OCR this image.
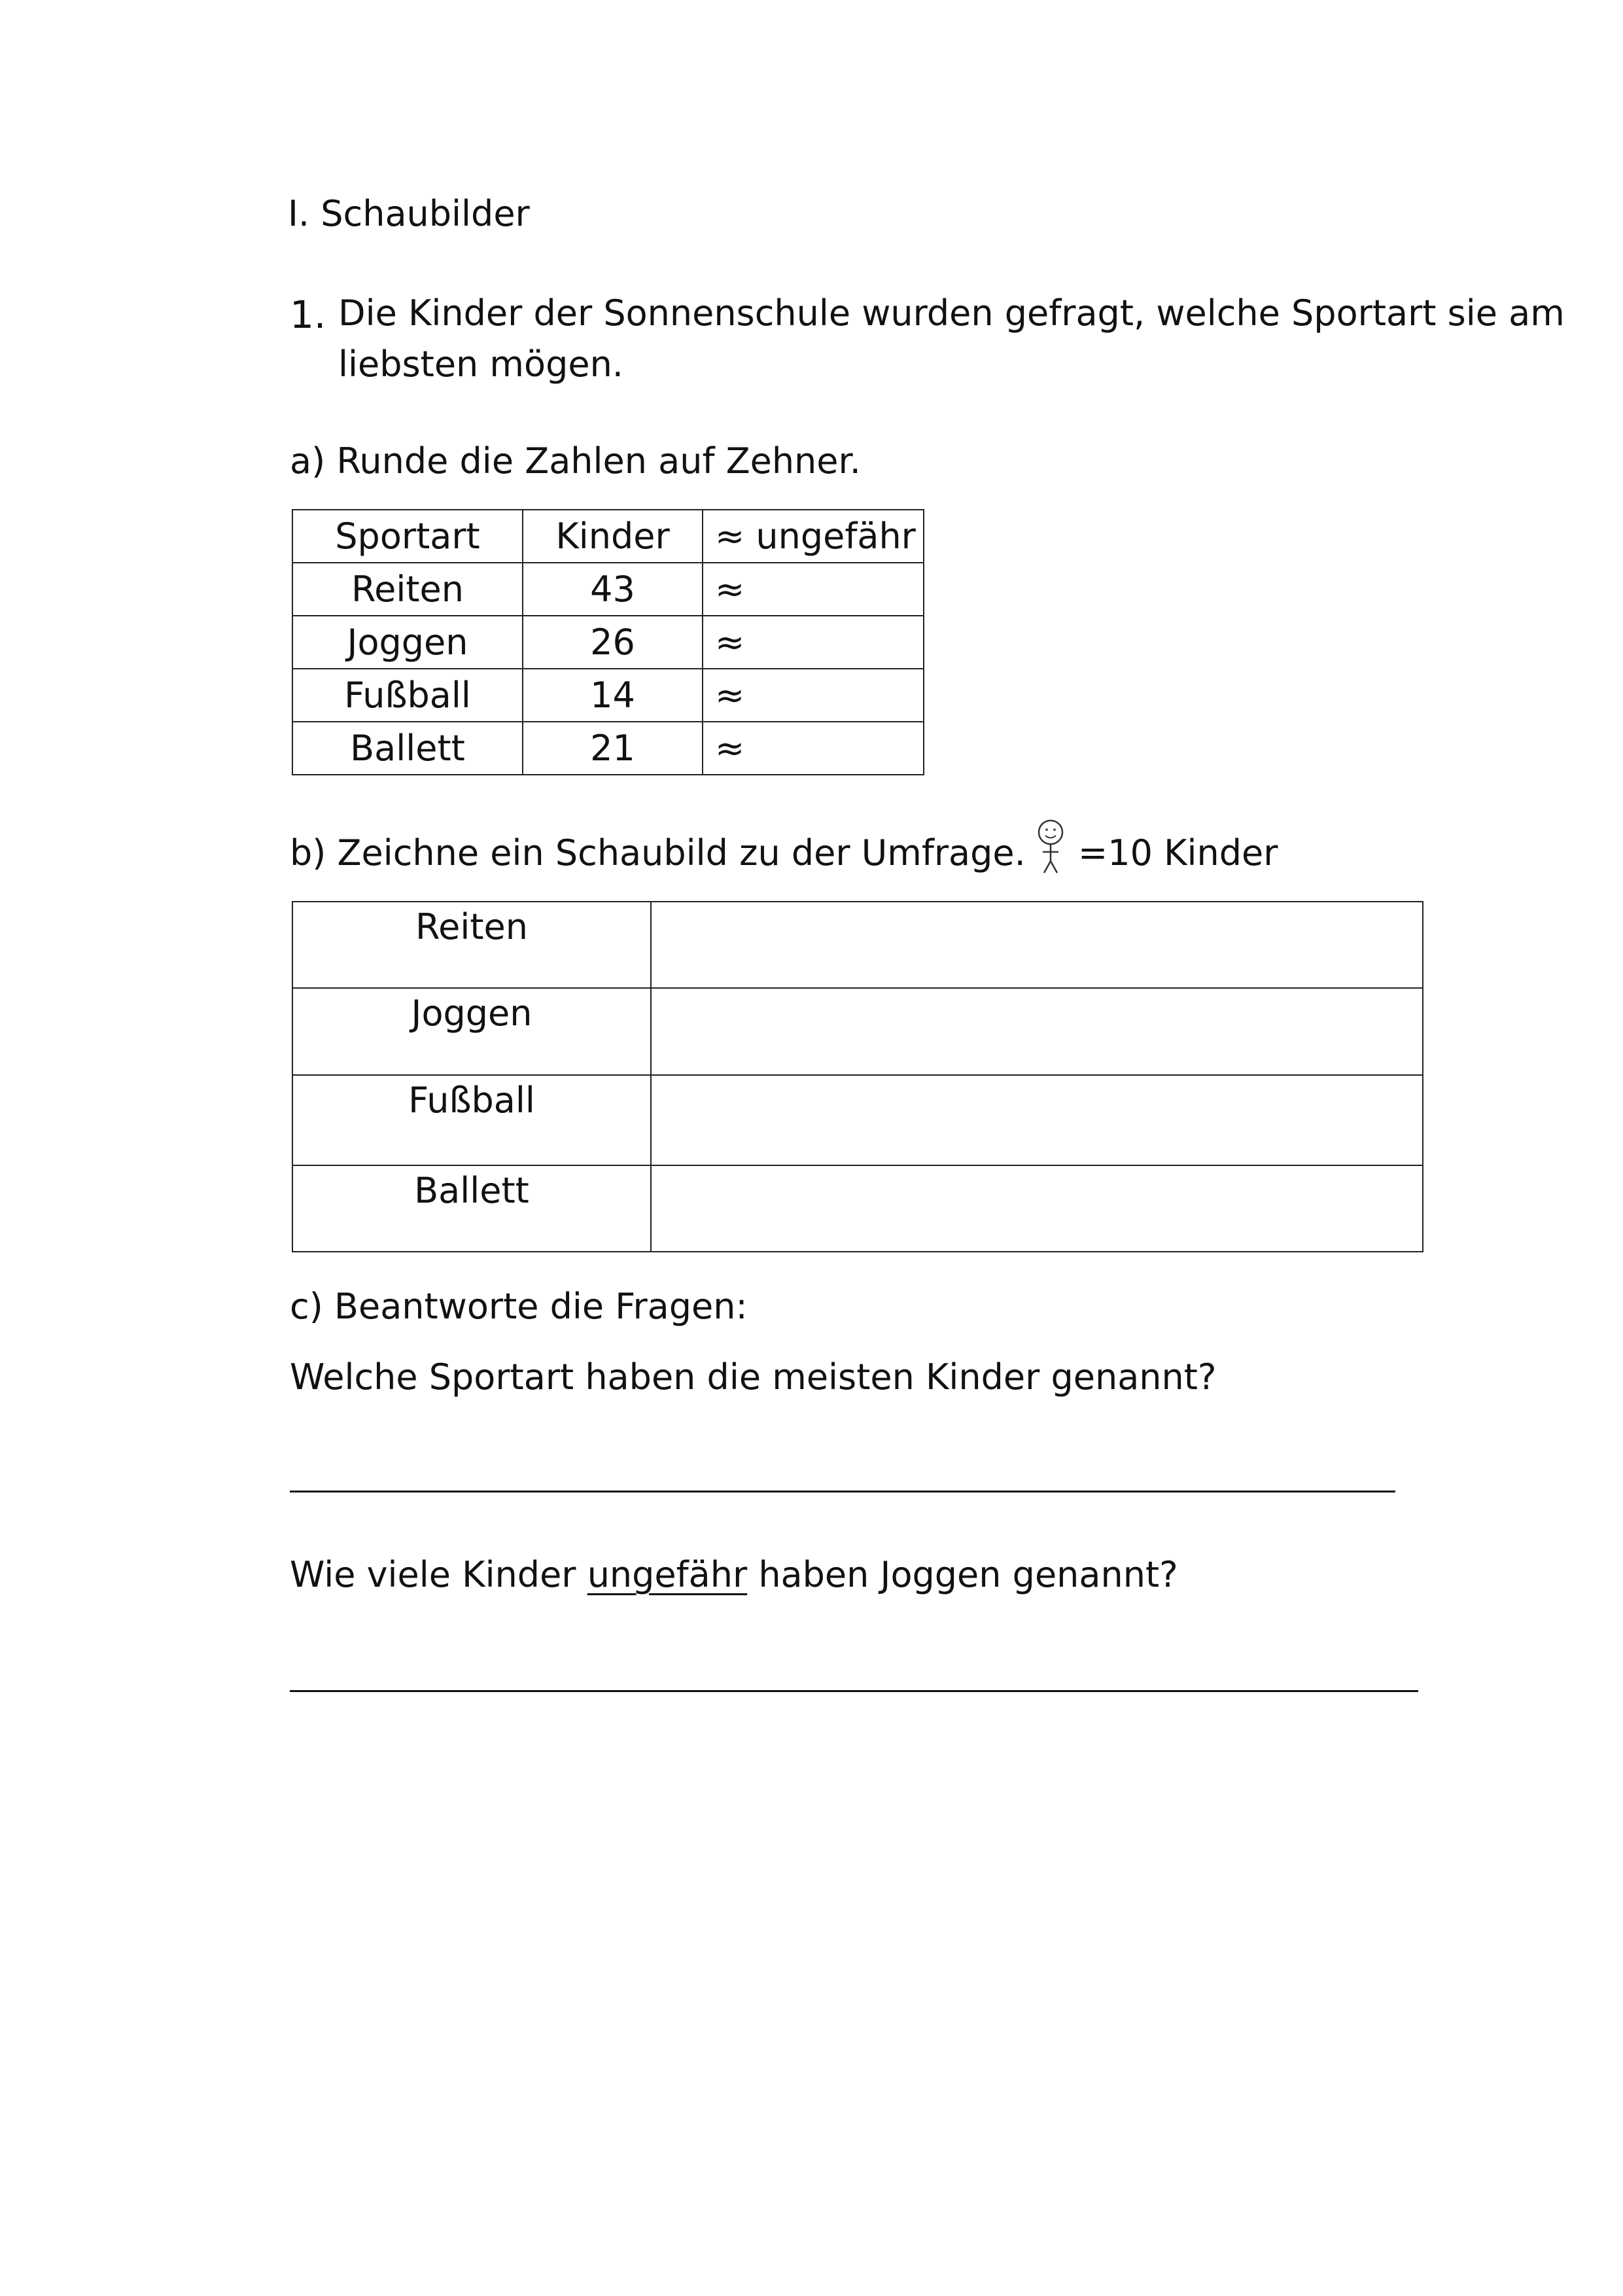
I. Schaubilder
1. Die Kinder der Sonnenschule wurden gefragt, welche Sportart sie am
liebsten mögen.
a) Runde die Zahlen auf Zehner.
Sportart	Kinder	≈ ungefähr
Reiten	43	≈
Joggen	26	≈
Fußball	14	≈
Ballett	21	≈
b) Zeichne ein Schaubild zu der Umfrage. =10 Kinder
Reiten	
Joggen	
Fußball	
Ballett	
c) Beantworte die Fragen:
Welche Sportart haben die meisten Kinder genannt?
Wie viele Kinder ungefähr haben Joggen genannt?
